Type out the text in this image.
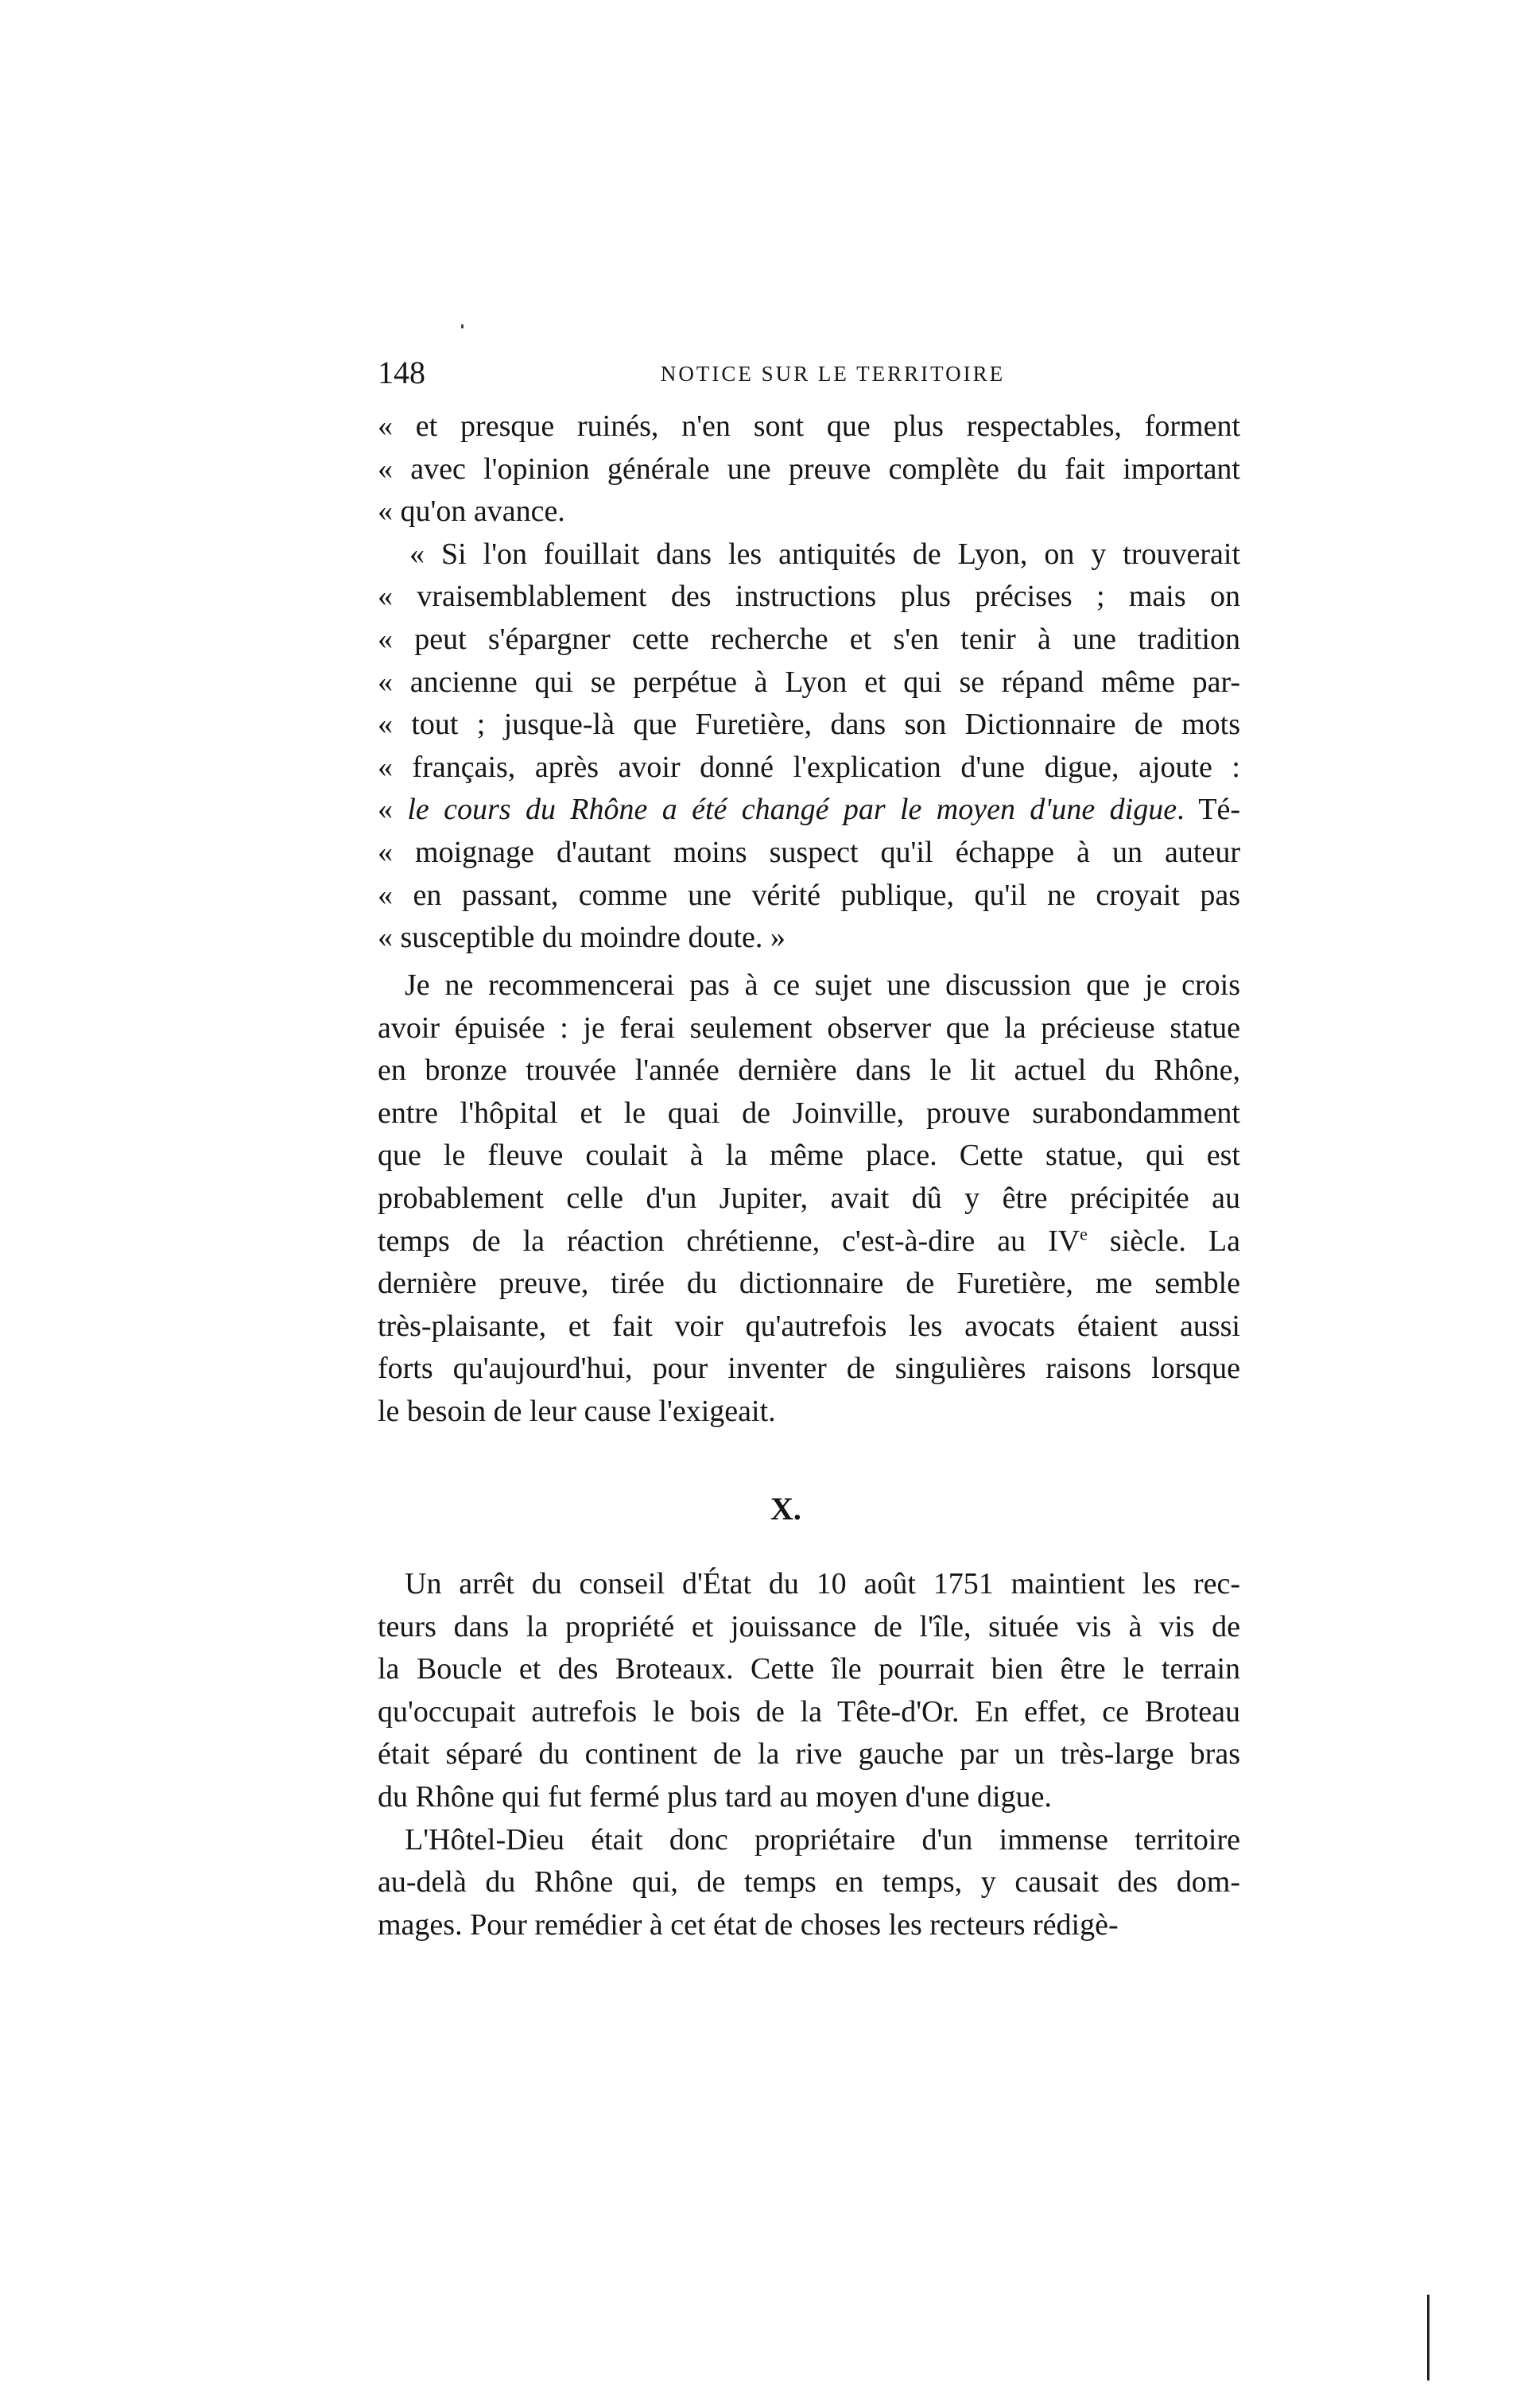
148	NOTICE SUR LE TERRITOIRE
« et presque ruinés, n'en sont que plus respectables, forment
« avec l'opinion générale une preuve complète du fait important
« qu'on avance.
« Si l'on fouillait dans les antiquités de Lyon, on y trouverait
« vraisemblablement des instructions plus précises ; mais on
« peut s'épargner cette recherche et s'en tenir à une tradition
« ancienne qui se perpétue à Lyon et qui se répand même par-
« tout ; jusque-là que Furetière, dans son Dictionnaire de mots
« français, après avoir donné l'explication d'une digue, ajoute :
« le cours du Rhône a été changé par le moyen d'une digue. Té-
« moignage d'autant moins suspect qu'il échappe à un auteur
« en passant, comme une vérité publique, qu'il ne croyait pas
« susceptible du moindre doute. »
Je ne recommencerai pas à ce sujet une discussion que je crois
avoir épuisée : je ferai seulement observer que la précieuse statue
en bronze trouvée l'année dernière dans le lit actuel du Rhône,
entre l'hôpital et le quai de Joinville, prouve surabondamment
que le fleuve coulait à la même place. Cette statue, qui est
probablement celle d'un Jupiter, avait dû y être précipitée au
temps de la réaction chrétienne, c'est-à-dire au IVe siècle. La
dernière preuve, tirée du dictionnaire de Furetière, me semble
très-plaisante, et fait voir qu'autrefois les avocats étaient aussi
forts qu'aujourd'hui, pour inventer de singulières raisons lorsque
le besoin de leur cause l'exigeait.
X.
Un arrêt du conseil d'État du 10 août 1751 maintient les rec-
teurs dans la propriété et jouissance de l'île, située vis à vis de
la Boucle et des Broteaux. Cette île pourrait bien être le terrain
qu'occupait autrefois le bois de la Tête-d'Or. En effet, ce Broteau
était séparé du continent de la rive gauche par un très-large bras
du Rhône qui fut fermé plus tard au moyen d'une digue.
L'Hôtel-Dieu était donc propriétaire d'un immense territoire
au-delà du Rhône qui, de temps en temps, y causait des dom-
mages. Pour remédier à cet état de choses les recteurs rédigè-
